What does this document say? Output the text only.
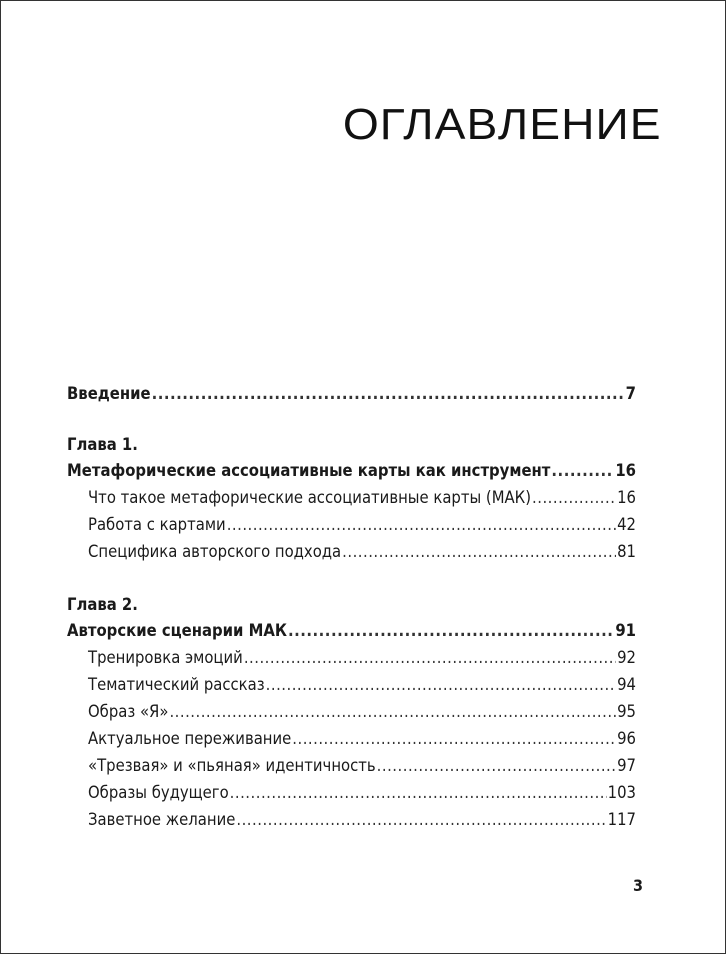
ОГЛАВЛЕНИЕ
Введение .....	7
Глава 1.
Метафорические ассоциативные карты как инструмент .....	16
Что такое метафорические ассоциативные карты (МАК) .....	16
Работа с картами .....	42
Специфика авторского подхода .....	81
Глава 2.
Авторские сценарии МАК .....	91
Тренировка эмоций .....	92
Тематический рассказ .....	94
Образ «Я» .....	95
Актуальное переживание .....	96
«Трезвая» и «пьяная» идентичность .....	97
Образы будущего .....	103
Заветное желание .....	117
3
